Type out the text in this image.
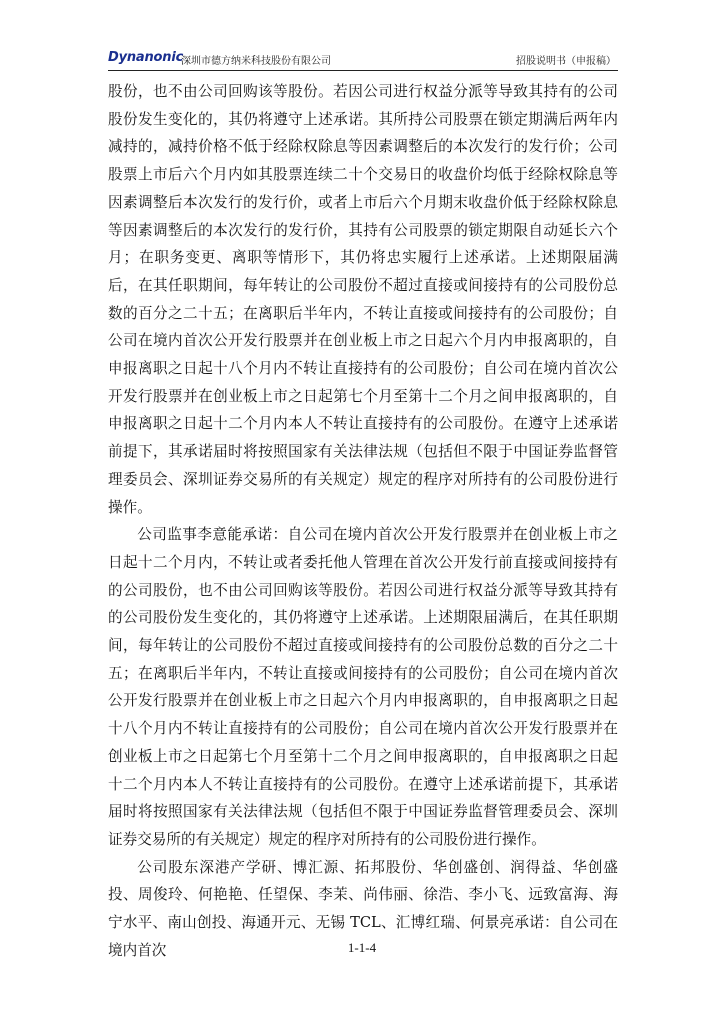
Dynanonic
深圳市德方纳米科技股份有限公司	招股说明书（申报稿）

股份，也不由公司回购该等股份。若因公司进行权益分派等导致其持有的公司股份发生变化的，其仍将遵守上述承诺。其所持公司股票在锁定期满后两年内减持的，减持价格不低于经除权除息等因素调整后的本次发行的发行价；公司股票上市后六个月内如其股票连续二十个交易日的收盘价均低于经除权除息等因素调整后本次发行的发行价，或者上市后六个月期末收盘价低于经除权除息等因素调整后的本次发行的发行价，其持有公司股票的锁定期限自动延长六个月；在职务变更、离职等情形下，其仍将忠实履行上述承诺。上述期限届满后，在其任职期间，每年转让的公司股份不超过直接或间接持有的公司股份总数的百分之二十五；在离职后半年内，不转让直接或间接持有的公司股份；自公司在境内首次公开发行股票并在创业板上市之日起六个月内申报离职的，自申报离职之日起十八个月内不转让直接持有的公司股份；自公司在境内首次公开发行股票并在创业板上市之日起第七个月至第十二个月之间申报离职的，自申报离职之日起十二个月内本人不转让直接持有的公司股份。在遵守上述承诺前提下，其承诺届时将按照国家有关法律法规（包括但不限于中国证券监督管理委员会、深圳证券交易所的有关规定）规定的程序对所持有的公司股份进行操作。

公司监事李意能承诺：自公司在境内首次公开发行股票并在创业板上市之日起十二个月内，不转让或者委托他人管理在首次公开发行前直接或间接持有的公司股份，也不由公司回购该等股份。若因公司进行权益分派等导致其持有的公司股份发生变化的，其仍将遵守上述承诺。上述期限届满后，在其任职期间，每年转让的公司股份不超过直接或间接持有的公司股份总数的百分之二十五；在离职后半年内，不转让直接或间接持有的公司股份；自公司在境内首次公开发行股票并在创业板上市之日起六个月内申报离职的，自申报离职之日起十八个月内不转让直接持有的公司股份；自公司在境内首次公开发行股票并在创业板上市之日起第七个月至第十二个月之间申报离职的，自申报离职之日起十二个月内本人不转让直接持有的公司股份。在遵守上述承诺前提下，其承诺届时将按照国家有关法律法规（包括但不限于中国证券监督管理委员会、深圳证券交易所的有关规定）规定的程序对所持有的公司股份进行操作。

公司股东深港产学研、博汇源、拓邦股份、华创盛创、润得益、华创盛投、周俊玲、何艳艳、任望保、李茉、尚伟丽、徐浩、李小飞、远致富海、海宁水平、南山创投、海通开元、无锡 TCL、汇博红瑞、何景亮承诺：自公司在境内首次	1-1-4
